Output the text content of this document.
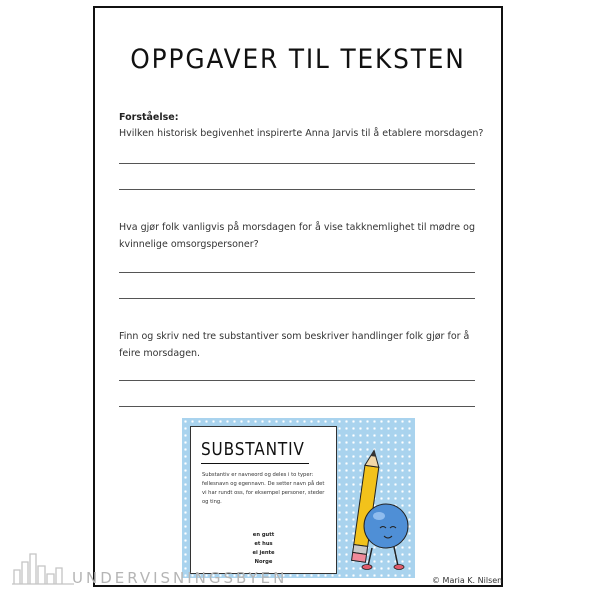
OPPGAVER TIL TEKSTEN
Forståelse:
Hvilken historisk begivenhet inspirerte Anna Jarvis til å etablere morsdagen?
Hva gjør folk vanligvis på morsdagen for å vise takknemlighet til mødre og kvinnelige omsorgspersoner?
Finn og skriv ned tre substantiver som beskriver handlinger folk gjør for å feire morsdagen.
SUBSTANTIV
Substantiv er navneord og deles i to typer: fellesnavn og egennavn. De setter navn på det vi har rundt oss, for eksempel personer, steder og ting.
en gutt
et hus
ei jente
Norge
UNDERVISNINGSBYEN	© Maria K. Nilsen
